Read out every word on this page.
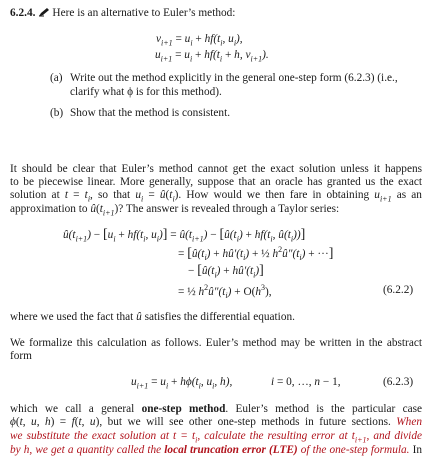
6.2.4. Here is an alternative to Euler’s method:
$v_{i+1} = u_i + hf(t_i$, $u_i$),
$u_{i+1} = u_i + hf(t_i + h$, $v_{i+1}$).
(a) Write out the method explicitly in the general one-step form (6.2.3) (i.e.,
clarify what ϕ is for this method).
(b) Show that the method is consistent.
It should be clear that Euler’s method cannot get the exact solution unless it happens
to be piecewise linear. More generally, suppose that an oracle has granted us the exact
solution at $t = t_i$, so that $u_i$ = $û(t_i)$. How would we then fare in obtaining $u_{i+1}$ as an
approximation to $û(t_{i+1})$? The answer is revealed through a Taylor series:
$û(t_{i+1}) - [u_i + hf(t_i$, $u_i$)] = $û(t_{i+1})$ − [$û(t_i) + hf(t_i$, $û(t_i)$)]
= [$û(t_i)$ + $hû'(t_i)$ + ½ $h^2û''(t_i)$ + ···]
− [$û(t_i)$ + $hû'(t_i)$]
= ½ $h^2û''(t_i) + O(h^3)$,	(6.2.2)
where we used the fact that û satisfies the differential equation.
We formalize this calculation as follows. Euler’s method may be written in the abstract
form
$u_{i+1} = u_i + h\phi(t_i$, $u_i$, h),	i = 0, …, n − 1,	(6.2.3)
which we call a general one-step method. Euler’s method is the particular case
ϕ(t, u, h) = f(t, u), but we will see other one-step methods in future sections. When
we substitute the exact solution at $t = t_i$, calculate the resulting error at $t_{i+1}$, and divide
by h, we get a quantity called the local truncation error (LTE) of the one-step formula. In
